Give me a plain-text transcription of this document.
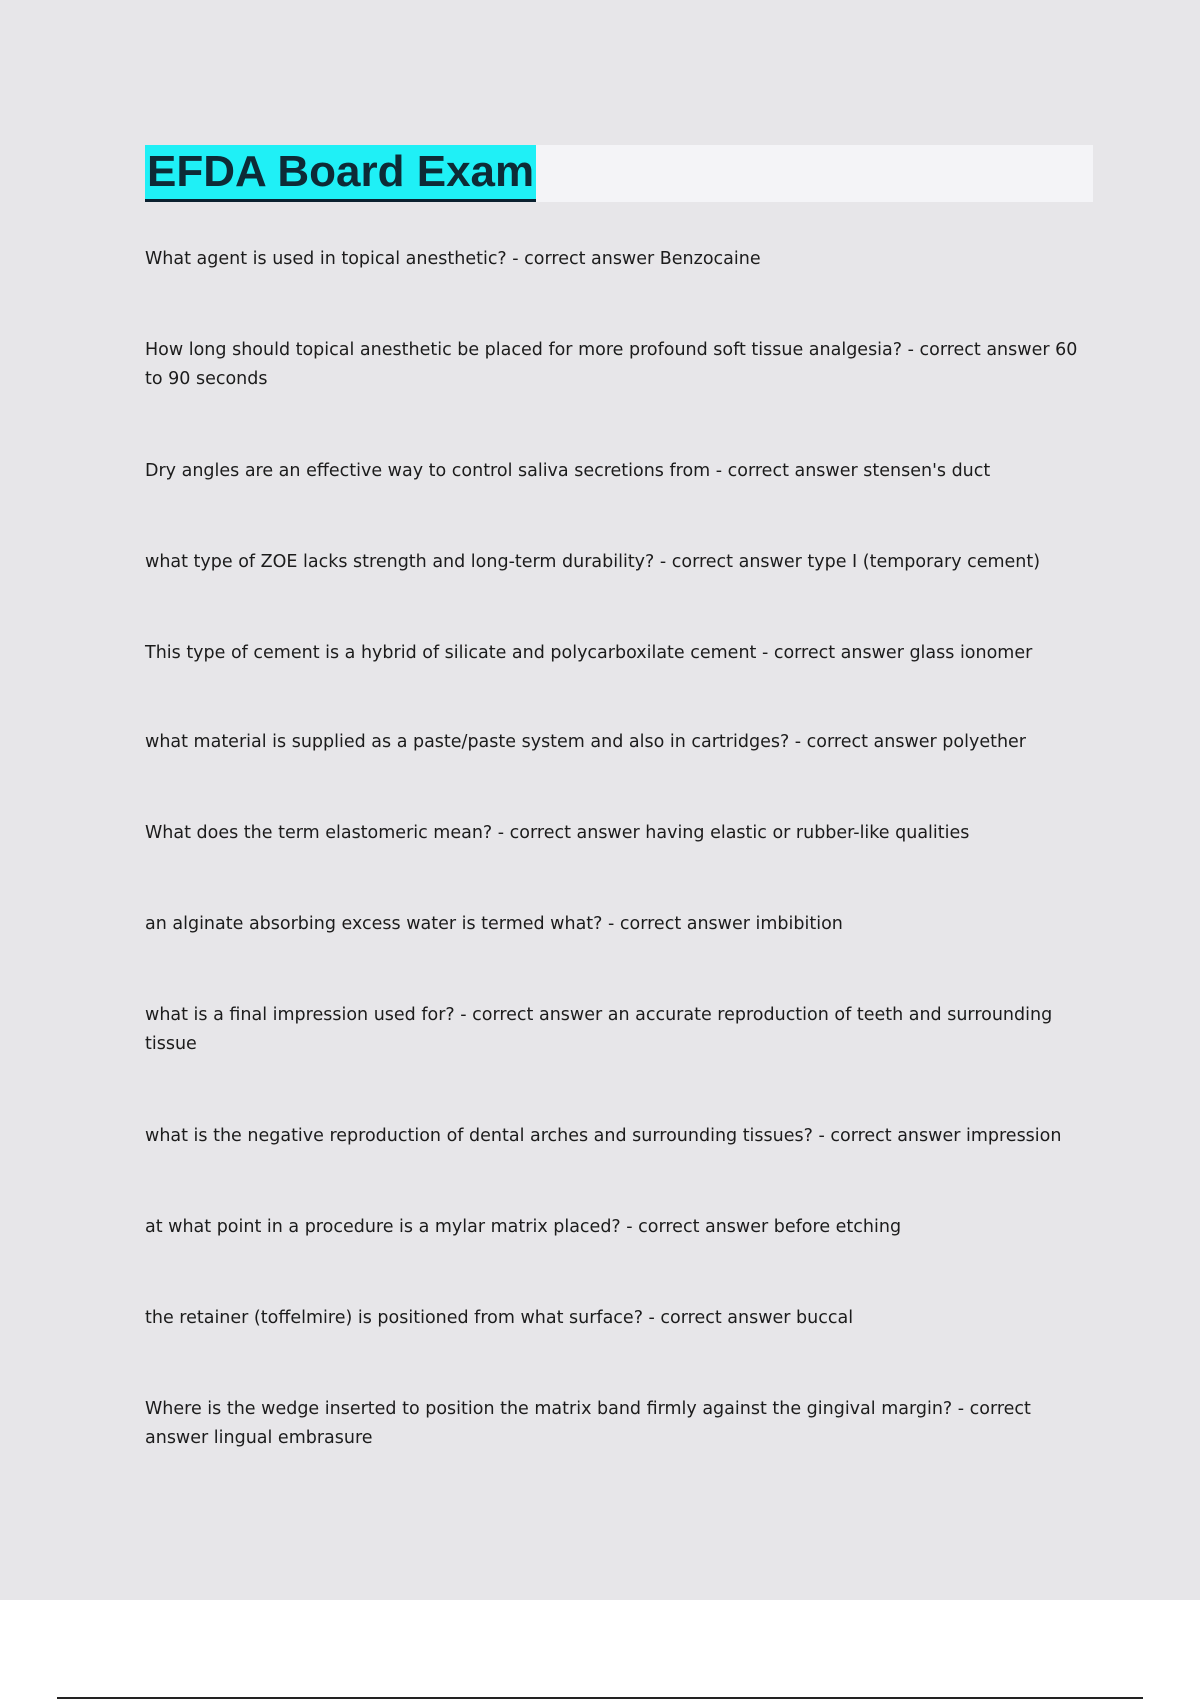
EFDA Board Exam

What agent is used in topical anesthetic? - correct answer Benzocaine

How long should topical anesthetic be placed for more profound soft tissue analgesia? - correct answer 60 to 90 seconds

Dry angles are an effective way to control saliva secretions from - correct answer stensen's duct

what type of ZOE lacks strength and long-term durability? - correct answer type I (temporary cement)

This type of cement is a hybrid of silicate and polycarboxilate cement - correct answer glass ionomer

what material is supplied as a paste/paste system and also in cartridges? - correct answer polyether

What does the term elastomeric mean? - correct answer having elastic or rubber-like qualities

an alginate absorbing excess water is termed what? - correct answer imbibition

what is a final impression used for? - correct answer an accurate reproduction of teeth and surrounding tissue

what is the negative reproduction of dental arches and surrounding tissues? - correct answer impression

at what point in a procedure is a mylar matrix placed? - correct answer before etching

the retainer (toffelmire) is positioned from what surface? - correct answer buccal

Where is the wedge inserted to position the matrix band firmly against the gingival margin? - correct answer lingual embrasure
